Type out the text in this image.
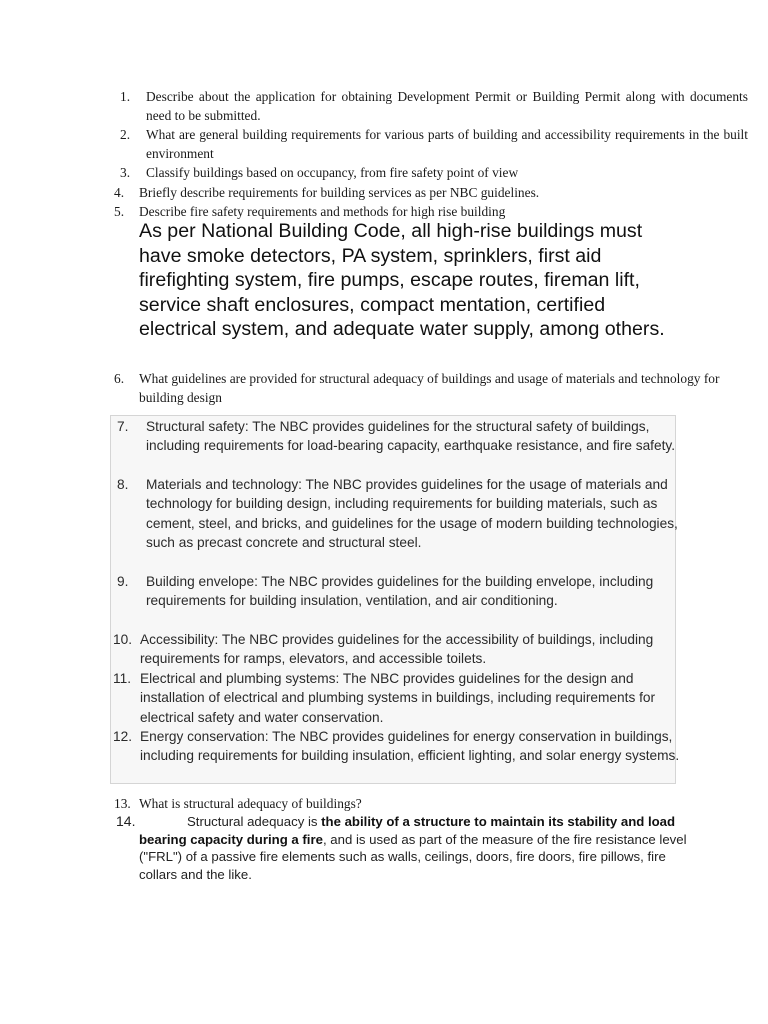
1.	Describe about the application for obtaining Development Permit or Building Permit along with documents need to be submitted.
2.	What are general building requirements for various parts of building and accessibility requirements in the built environment
3.	Classify buildings based on occupancy, from fire safety point of view
4.	Briefly describe requirements for building services as per NBC guidelines.
5.	Describe fire safety requirements and methods for high rise building
As per National Building Code, all high-rise buildings must have smoke detectors, PA system, sprinklers, first aid firefighting system, fire pumps, escape routes, fireman lift, service shaft enclosures, compact mentation, certified electrical system, and adequate water supply, among others.
6.	What guidelines are provided for structural adequacy of buildings and usage of materials and technology for building design
7. Structural safety: The NBC provides guidelines for the structural safety of buildings, including requirements for load-bearing capacity, earthquake resistance, and fire safety.
8. Materials and technology: The NBC provides guidelines for the usage of materials and technology for building design, including requirements for building materials, such as cement, steel, and bricks, and guidelines for the usage of modern building technologies, such as precast concrete and structural steel.
9. Building envelope: The NBC provides guidelines for the building envelope, including requirements for building insulation, ventilation, and air conditioning.
10. Accessibility: The NBC provides guidelines for the accessibility of buildings, including requirements for ramps, elevators, and accessible toilets.
11. Electrical and plumbing systems: The NBC provides guidelines for the design and installation of electrical and plumbing systems in buildings, including requirements for electrical safety and water conservation.
12. Energy conservation: The NBC provides guidelines for energy conservation in buildings, including requirements for building insulation, efficient lighting, and solar energy systems.
13. What is structural adequacy of buildings?
14.	Structural adequacy is the ability of a structure to maintain its stability and load bearing capacity during a fire, and is used as part of the measure of the fire resistance level ("FRL") of a passive fire elements such as walls, ceilings, doors, fire doors, fire pillows, fire collars and the like.
